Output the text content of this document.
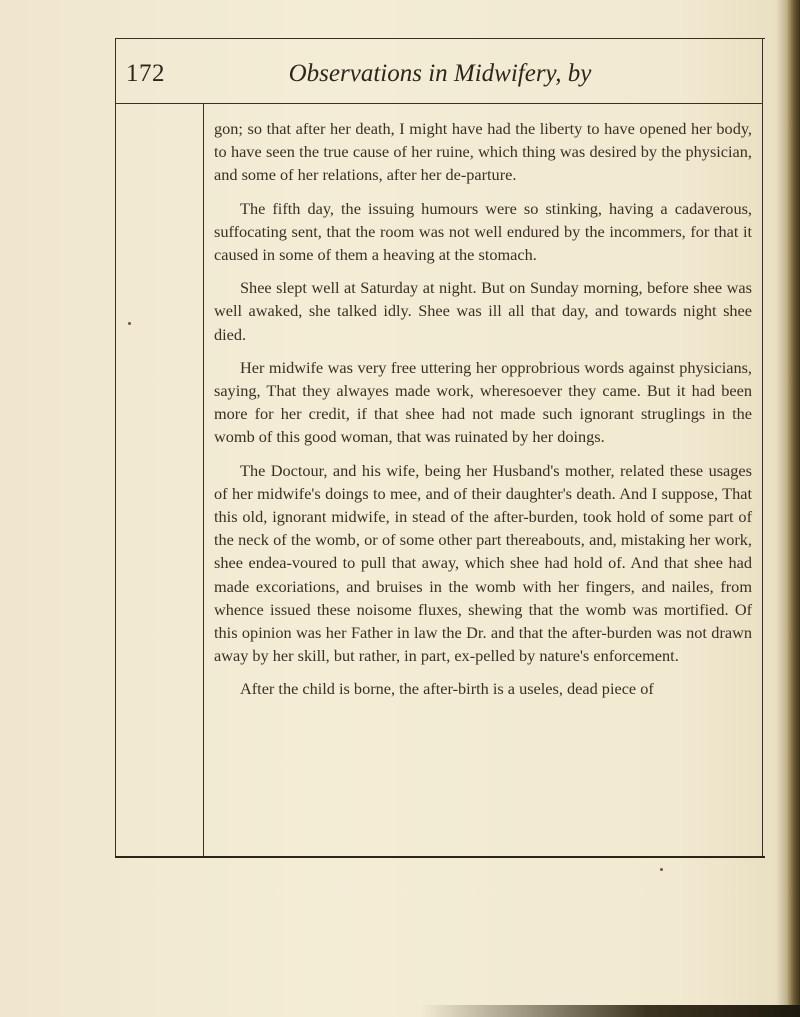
172	Observations in Midwifery, by

gon; so that after her death, I might have had the liberty to have opened her body, to have seen the true cause of her ruine, which thing was desired by the physician, and some of her relations, after her de-parture.

The fifth day, the issuing humours were so stinking, having a cadaverous, suffocating sent, that the room was not well endured by the incommers, for that it caused in some of them a heaving at the stomach.

Shee slept well at Saturday at night. But on Sunday morning, before shee was well awaked, she talked idly. Shee was ill all that day, and towards night shee died.

Her midwife was very free uttering her opprobrious words against physicians, saying, That they alwayes made work, wheresoever they came. But it had been more for her credit, if that shee had not made such ignorant struglings in the womb of this good woman, that was ruinated by her doings.

The Doctour, and his wife, being her Husband's mother, related these usages of her midwife's doings to mee, and of their daughter's death. And I suppose, That this old, ignorant midwife, in stead of the after-burden, took hold of some part of the neck of the womb, or of some other part thereabouts, and, mistaking her work, shee endea-voured to pull that away, which shee had hold of. And that shee had made excoriations, and bruises in the womb with her fingers, and nailes, from whence issued these noisome fluxes, shewing that the womb was mortified. Of this opinion was her Father in law the Dr. and that the after-burden was not drawn away by her skill, but rather, in part, ex-pelled by nature's enforcement.

After the child is borne, the after-birth is a useles, dead piece of
